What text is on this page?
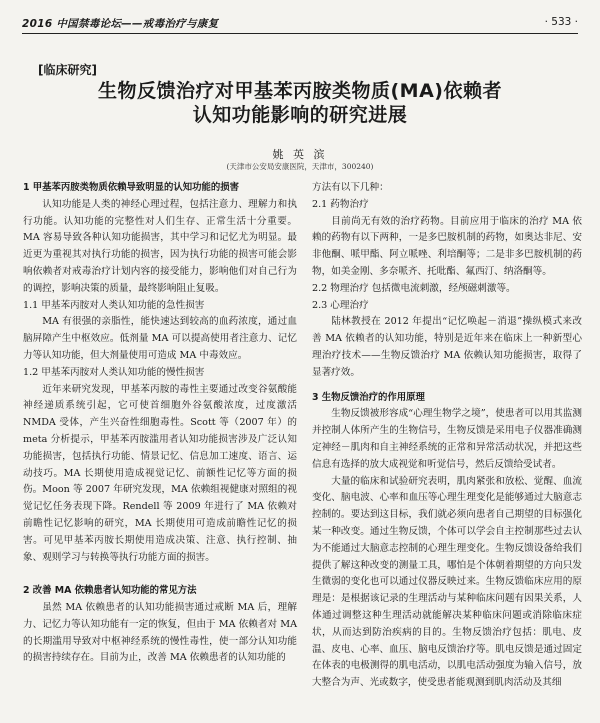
2016 中国禁毒论坛——戒毒治疗与康复	· 533 ·
[临床研究]
生物反馈治疗对甲基苯丙胺类物质(MA)依赖者
认知功能影响的研究进展
姚 英 滨
(天津市公安局安康医院，天津市，300240)

1 甲基苯丙胺类物质依赖导致明显的认知功能的损害

认知功能是人类的神经心理过程，包括注意力、理解力和执行功能。认知功能的完整性对人们生存、正常生活十分重要。MA 容易导致各种认知功能损害，其中学习和记忆尤为明显。最近更为重视其对执行功能的损害，因为执行功能的损害可能会影响依赖者对戒毒治疗计划内容的接受能力，影响他们对自己行为的调控，影响决策的质量，最终影响阻止复吸。

1.1 甲基苯丙胺对人类认知功能的急性损害

MA 有很强的亲脂性，能快速达到较高的血药浓度，通过血脑屏障产生中枢效应。低剂量 MA 可以提高使用者注意力、记忆力等认知功能，但大剂量使用可造成 MA 中毒效应。

1.2 甲基苯丙胺对人类认知功能的慢性损害

近年来研究发现，甲基苯丙胺的毒性主要通过改变谷氨酸能神经递质系统引起，它可使首细胞外谷氨酸浓度，过度激活 NMDA 受体，产生兴奋性细胞毒性。Scott 等（2007 年）的 meta 分析提示，甲基苯丙胺滥用者认知功能损害涉及广泛认知功能损害，包括执行功能、情景记忆、信息加工速度、语言、运动技巧。MA 长期使用造成视觉记忆、前额性记忆等方面的损伤。Moon 等 2007 年研究发现，MA 依赖组视健康对照组的视觉记忆任务表现下降。Rendell 等 2009 年进行了 MA 依赖对前瞻性记忆影响的研究，MA 长期使用可造成前瞻性记忆的损害。可见甲基苯丙胺长期使用造成决策、注意、执行控制、抽象、观则学习与转换等执行功能方面的损害。

2 改善 MA 依赖患者认知功能的常见方法

虽然 MA 依赖患者的认知功能损害通过戒断 MA 后，理解力、记忆力等认知功能有一定的恢复，但由于 MA 依赖者对 MA 的长期滥用导致对中枢神经系统的慢性毒性，使一部分认知功能的损害持续存在。目前为止，改善 MA 依赖患者的认知功能的

方法有以下几种：

2.1 药物治疗

目前尚无有效的治疗药物。目前应用于临床的治疗 MA 依赖的药物有以下两种，一是多巴胺机制的药物，如奥达非尼、安非他酮、哌甲酯、阿立哌唑、利培酮等；二是非多巴胺机制的药物，如美金刚、多奈哌齐、托吡酯、氟西汀、纳洛酮等。

2.2 物理治疗 包括微电流刺激，经颅磁刺激等。

2.3 心理治疗

陆林教授在 2012 年提出“记忆唤起－消退”操纵模式来改善 MA 依赖者的认知功能，特别是近年来在临床上一种新型心理治疗技术——生物反馈治疗 MA 依赖认知功能损害，取得了显著疗效。

3 生物反馈治疗的作用原理

生物反馈被形容成“心理生物学之境”，使患者可以用其监测并控制人体所产生的生物信号，生物反馈是采用电子仪器准确测定神经－肌肉和自主神经系统的正常和异常活动状况，并把这些信息有选择的放大成视觉和听觉信号，然后反馈给受试者。

大量的临床和试验研究表明，肌肉紧张和放松、觉醒、血流变化、脑电波、心率和血压等心理生理变化是能够通过大脑意志控制的。要达到这目标，我们就必须向患者自己期望的目标强化某一种改变。通过生物反馈，个体可以学会自主控制那些过去认为不能通过大脑意志控制的心理生理变化。生物反馈设备给我们提供了解这种改变的测量工具，哪怕是个体朝着期望的方向只发生微弱的变化也可以通过仪器反映过来。生物反馈临床应用的原理是：是根据该记录的生理活动与某种临床问题有因果关系，人体通过调整这种生理活动就能解决某种临床问题或消除临床症状，从而达到防治疾病的目的。生物反馈治疗包括：肌电、皮温、皮电、心率、血压、脑电反馈治疗等。肌电反馈是通过固定在体表的电极测得的肌电活动，以肌电活动强度为输入信号，放大整合为声、光或数字，使受患者能观测到肌肉活动及其细
